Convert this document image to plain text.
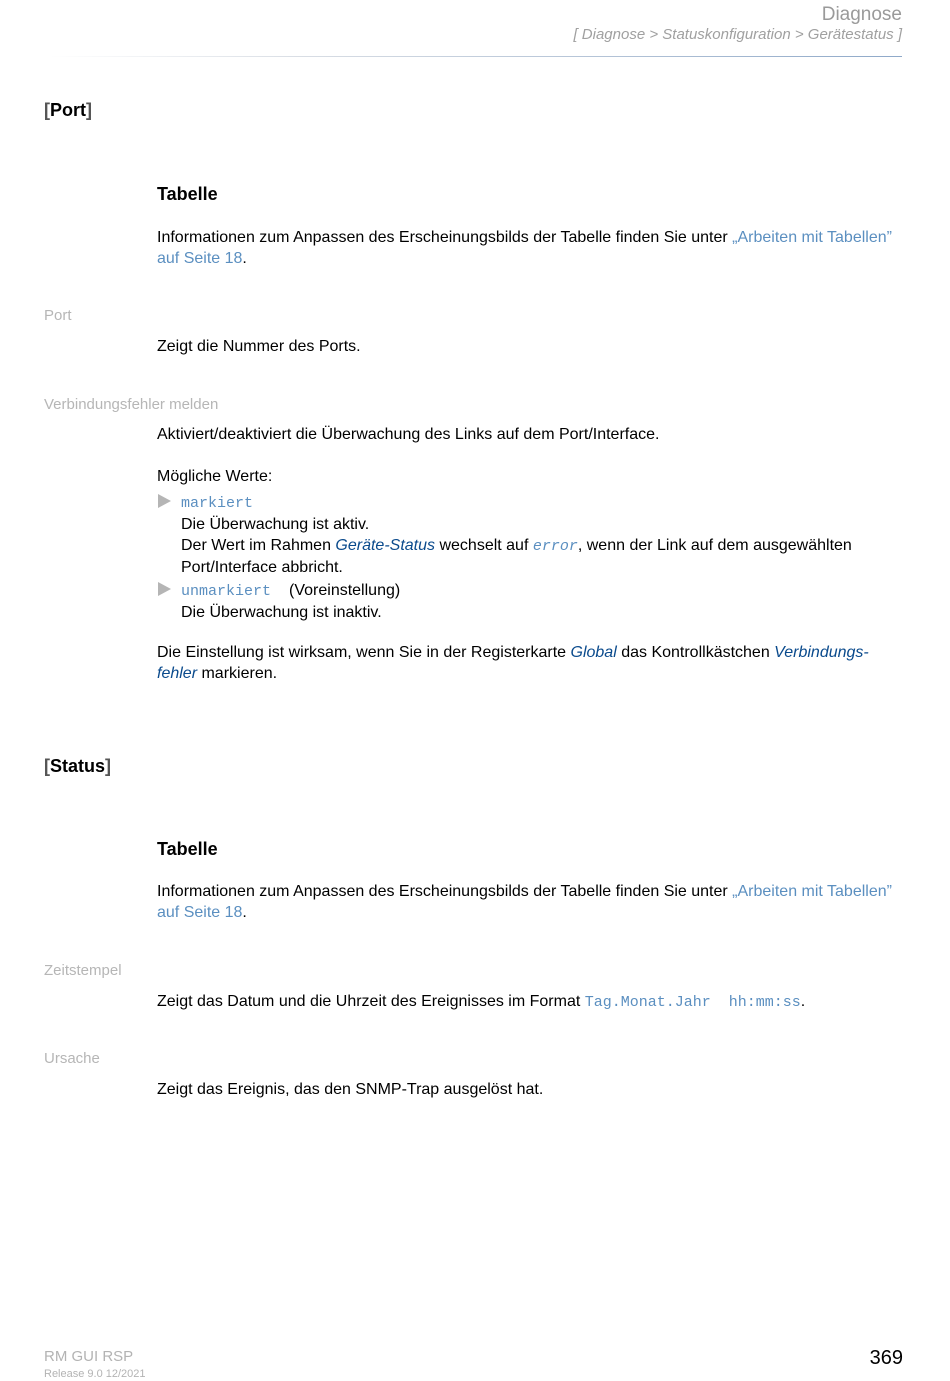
Diagnose
[ Diagnose > Statuskonfiguration > Gerätestatus ]
[Port]
Tabelle
Informationen zum Anpassen des Erscheinungsbilds der Tabelle finden Sie unter „Arbeiten mit Tabellen” auf Seite 18.
Port
Zeigt die Nummer des Ports.
Verbindungsfehler melden
Aktiviert/deaktiviert die Überwachung des Links auf dem Port/Interface.
Mögliche Werte:
markiert
Die Überwachung ist aktiv.
Der Wert im Rahmen Geräte-Status wechselt auf error, wenn der Link auf dem ausgewählten Port/Interface abbricht.
unmarkiert (Voreinstellung)
Die Überwachung ist inaktiv.
Die Einstellung ist wirksam, wenn Sie in der Registerkarte Global das Kontrollkästchen Verbindungs-fehler markieren.
[Status]
Tabelle
Informationen zum Anpassen des Erscheinungsbilds der Tabelle finden Sie unter „Arbeiten mit Tabellen” auf Seite 18.
Zeitstempel
Zeigt das Datum und die Uhrzeit des Ereignisses im Format Tag.Monat.Jahr hh:mm:ss.
Ursache
Zeigt das Ereignis, das den SNMP-Trap ausgelöst hat.
RM GUI RSP
Release 9.0 12/2021
369
